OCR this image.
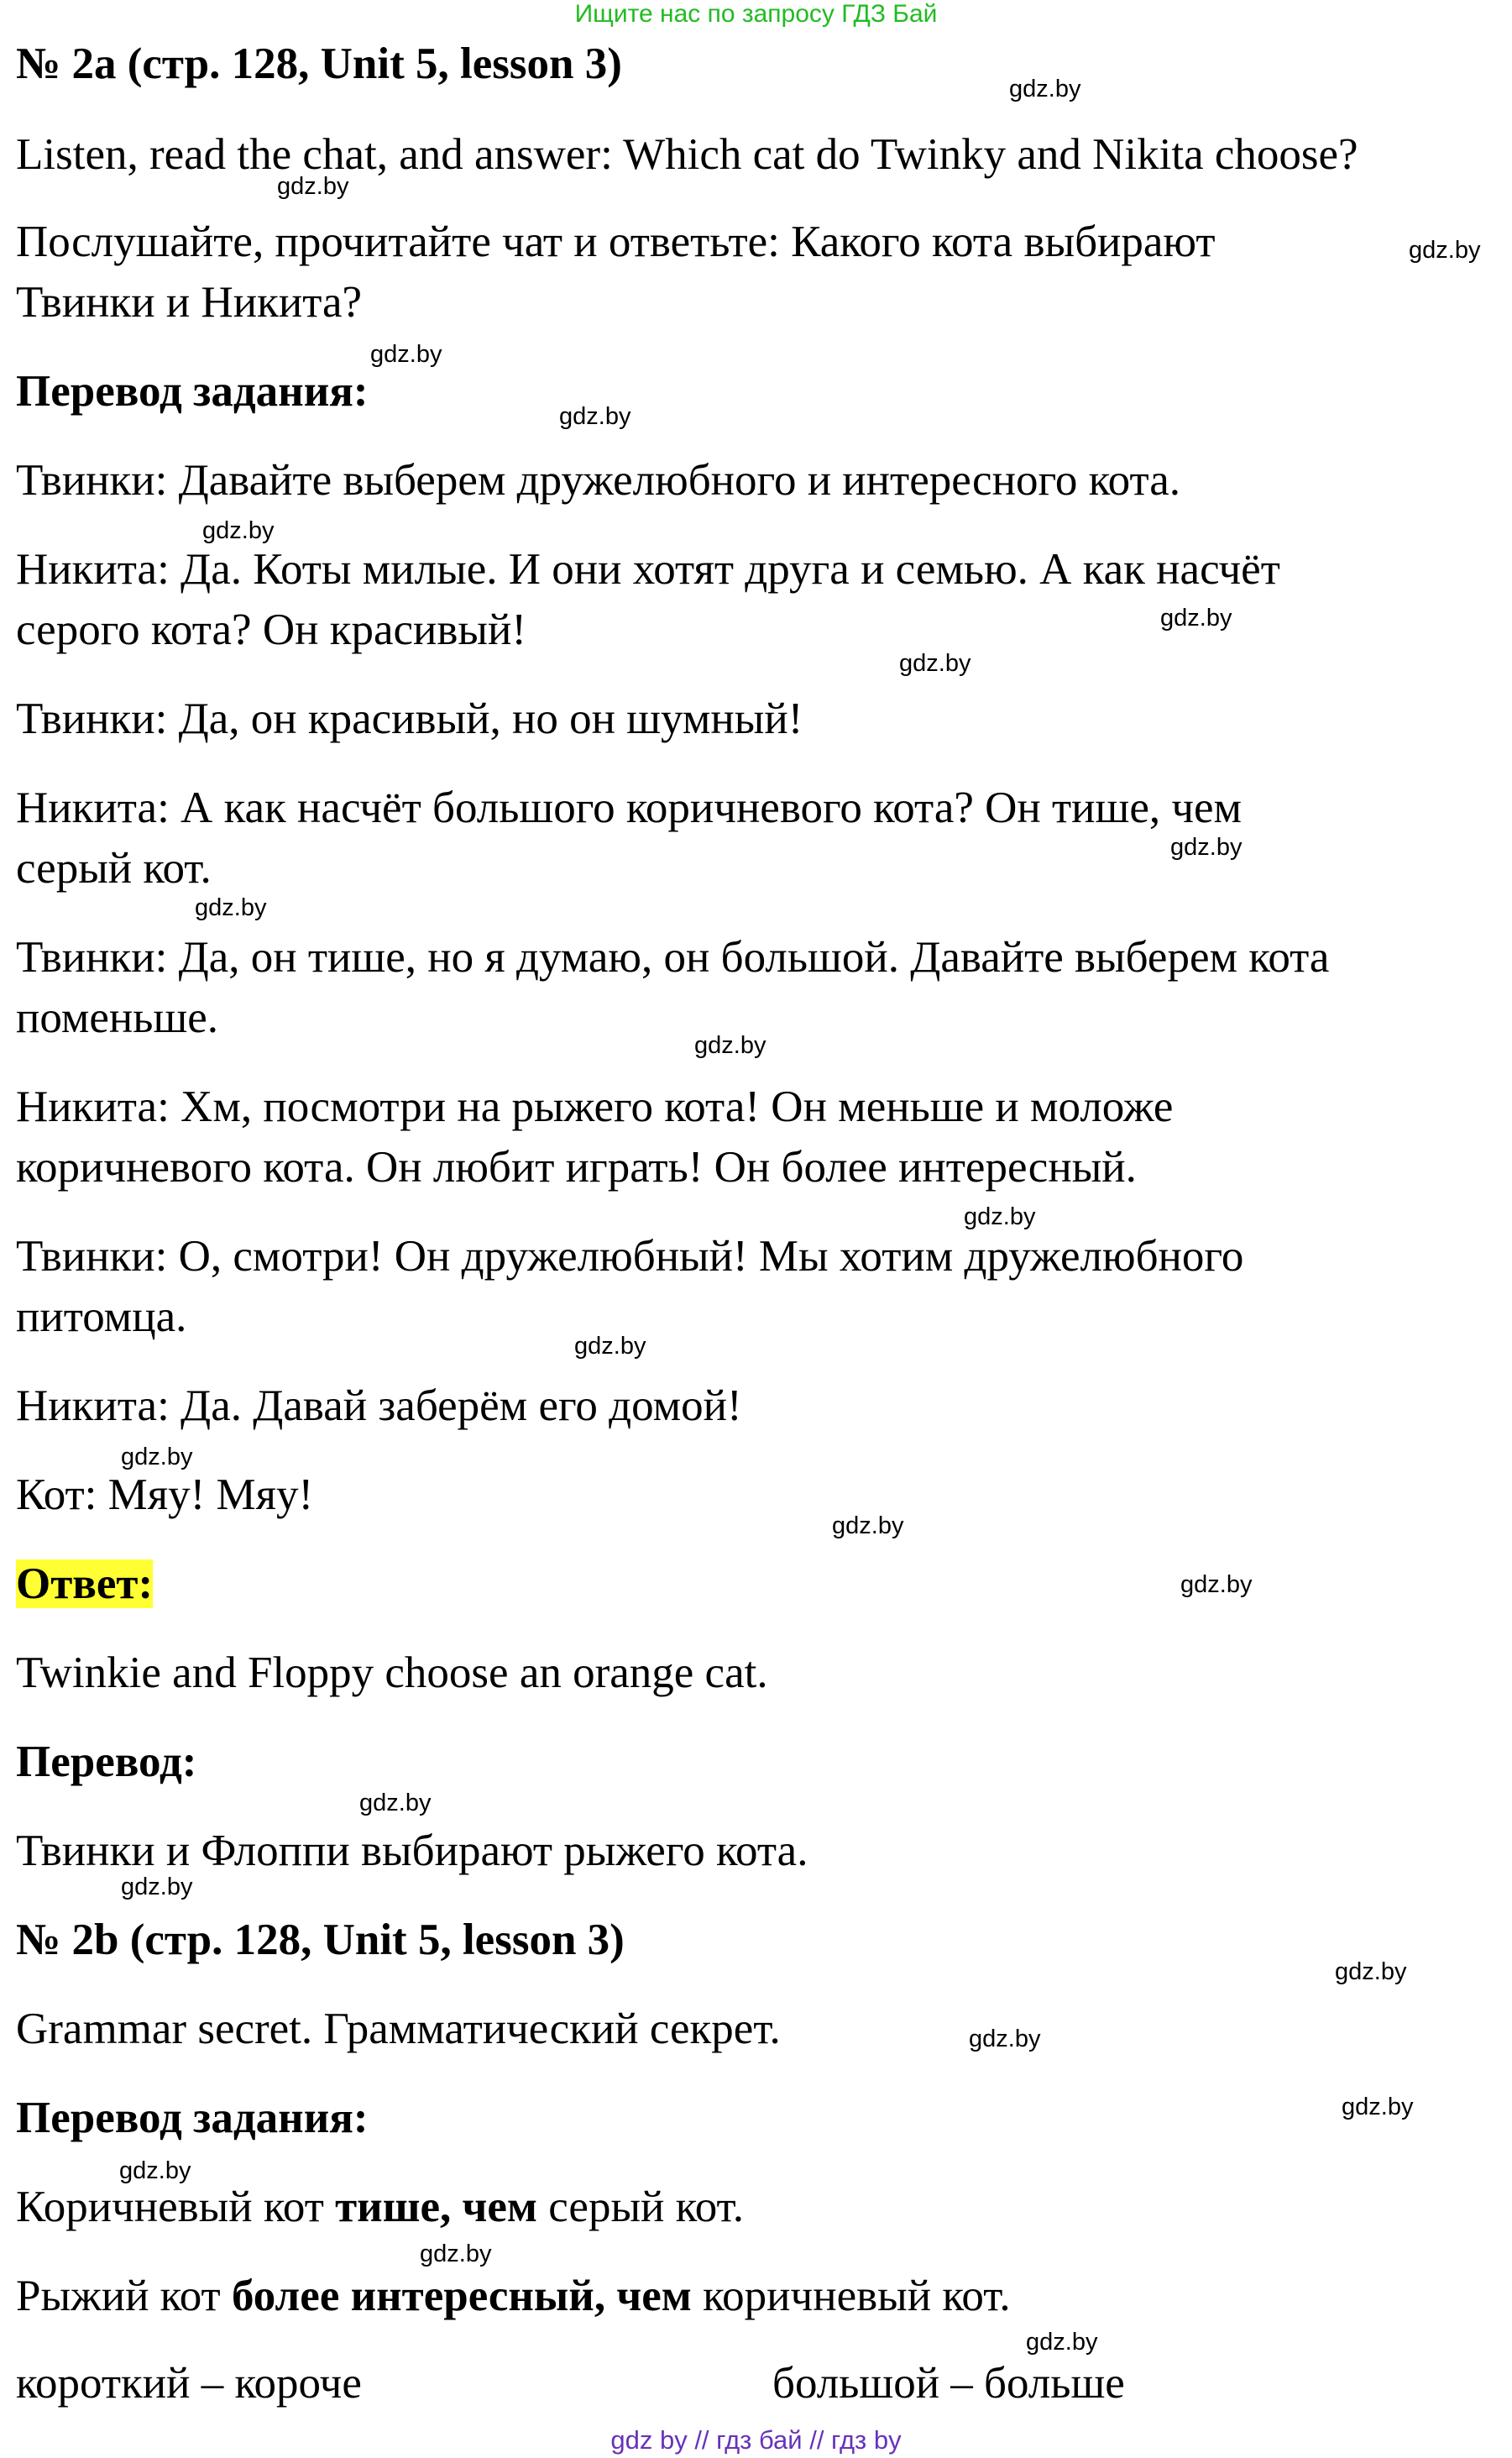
Ищите нас по запросу ГДЗ Бай
№ 2a (стр. 128, Unit 5, lesson 3)
Listen, read the chat, and answer: Which cat do Twinky and Nikita choose?
Послушайте, прочитайте чат и ответьте: Какого кота выбирают
Твинки и Никита?
Перевод задания:
Твинки: Давайте выберем дружелюбного и интересного кота.
Никита: Да. Коты милые. И они хотят друга и семью. А как насчёт
серого кота? Он красивый!
Твинки: Да, он красивый, но он шумный!
Никита: А как насчёт большого коричневого кота? Он тише, чем
серый кот.
Твинки: Да, он тише, но я думаю, он большой. Давайте выберем кота
поменьше.
Никита: Хм, посмотри на рыжего кота! Он меньше и моложе
коричневого кота. Он любит играть! Он более интересный.
Твинки: О, смотри! Он дружелюбный! Мы хотим дружелюбного
питомца.
Никита: Да. Давай заберём его домой!
Кот: Мяу! Мяу!
Ответ:
Twinkie and Floppy choose an orange cat.
Перевод:
Твинки и Флоппи выбирают рыжего кота.
№ 2b (стр. 128, Unit 5, lesson 3)
Grammar secret. Грамматический секрет.
Перевод задания:
Коричневый кот тише, чем серый кот.
Рыжий кот более интересный, чем коричневый кот.
короткий – короче	большой – больше
gdz.by
gdz.by
gdz.by
gdz.by
gdz.by
gdz.by
gdz.by
gdz.by
gdz.by
gdz.by
gdz.by
gdz.by
gdz.by
gdz.by
gdz.by
gdz.by
gdz.by
gdz.by
gdz.by
gdz.by
gdz.by
gdz.by
gdz.by
gdz.by
gdz by // гдз бай // гдз by
